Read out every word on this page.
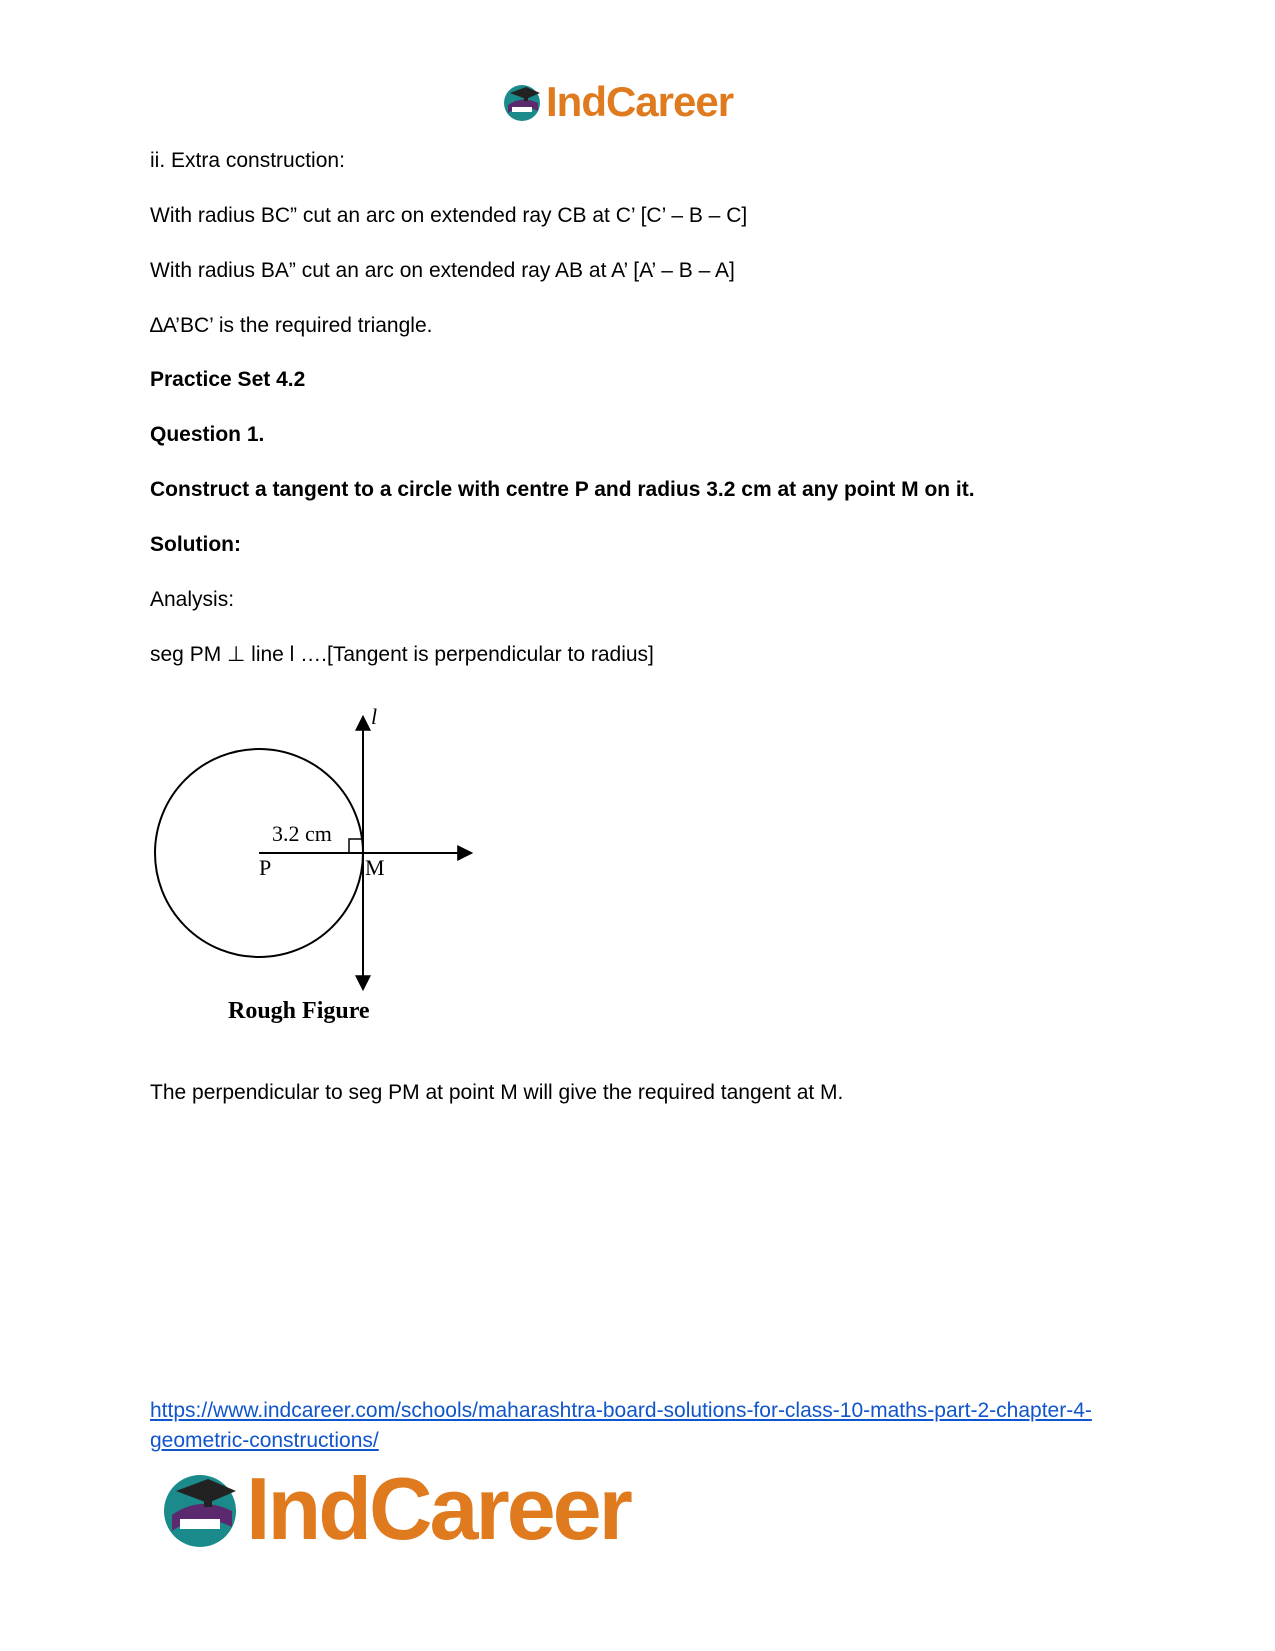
IndCareer
ii. Extra construction:
With radius BC” cut an arc on extended ray CB at C’ [C’ – B – C]
With radius BA” cut an arc on extended ray AB at A’ [A’ – B – A]
∆A’BC’ is the required triangle.
Practice Set 4.2
Question 1.
Construct a tangent to a circle with centre P and radius 3.2 cm at any point M on it.
Solution:
Analysis:
seg PM ⊥ line l ….[Tangent is perpendicular to radius]
l
3.2 cm
P	M
Rough Figure
The perpendicular to seg PM at point M will give the required tangent at M.
https://www.indcareer.com/schools/maharashtra-board-solutions-for-class-10-maths-part-2-chapter-4-geometric-constructions/
IndCareer
